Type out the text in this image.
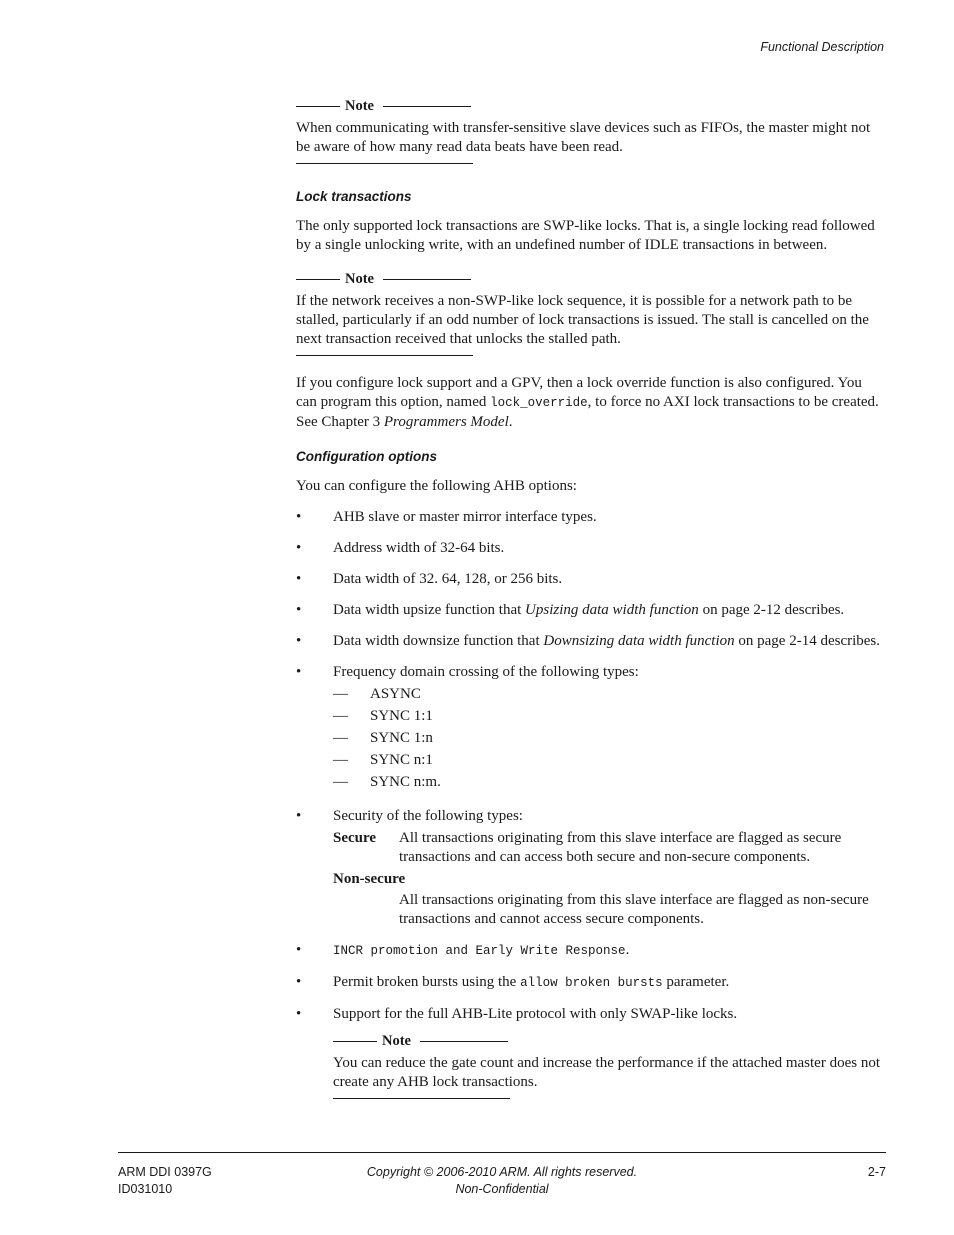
Functional Description
Note

When communicating with transfer-sensitive slave devices such as FIFOs, the master might not be aware of how many read data beats have been read.

Lock transactions

The only supported lock transactions are SWP-like locks. That is, a single locking read followed by a single unlocking write, with an undefined number of IDLE transactions in between.

Note

If the network receives a non-SWP-like lock sequence, it is possible for a network path to be stalled, particularly if an odd number of lock transactions is issued. The stall is cancelled on the next transaction received that unlocks the stalled path.

If you configure lock support and a GPV, then a lock override function is also configured. You can program this option, named lock_override, to force no AXI lock transactions to be created. See Chapter 3 Programmers Model.

Configuration options

You can configure the following AHB options:

• AHB slave or master mirror interface types.
• Address width of 32-64 bits.
• Data width of 32. 64, 128, or 256 bits.
• Data width upsize function that Upsizing data width function on page 2-12 describes.
• Data width downsize function that Downsizing data width function on page 2-14 describes.
• Frequency domain crossing of the following types:
— ASYNC
— SYNC 1:1
— SYNC 1:n
— SYNC n:1
— SYNC n:m.
• Security of the following types:
Secure	All transactions originating from this slave interface are flagged as secure transactions and can access both secure and non-secure components.
Non-secure
All transactions originating from this slave interface are flagged as non-secure transactions and cannot access secure components.
•	INCR promotion and Early Write Response.
• Permit broken bursts using the allow broken bursts parameter.
• Support for the full AHB-Lite protocol with only SWAP-like locks.
Note

You can reduce the gate count and increase the performance if the attached master does not create any AHB lock transactions.

ARM DDI 0397G
ID031010
Copyright © 2006-2010 ARM. All rights reserved.
Non-Confidential
2-7
